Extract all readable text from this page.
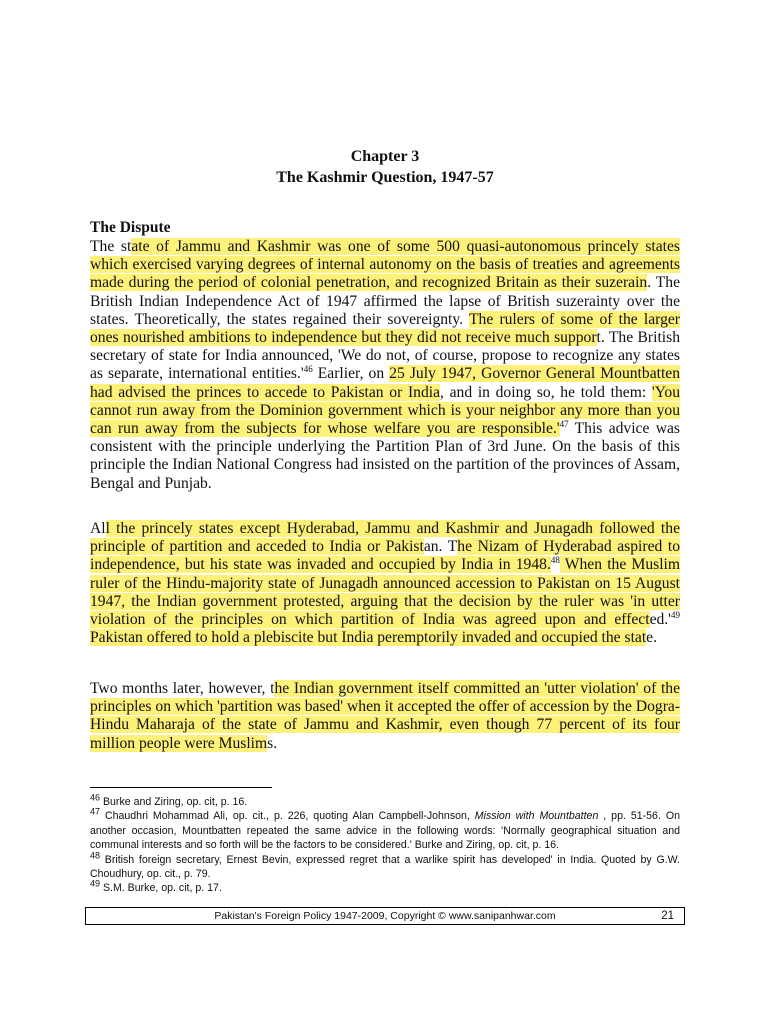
Chapter 3
The Kashmir Question, 1947-57
The Dispute
The state of Jammu and Kashmir was one of some 500 quasi-autonomous princely states which exercised varying degrees of internal autonomy on the basis of treaties and agreements made during the period of colonial penetration, and recognized Britain as their suzerain. The British Indian Independence Act of 1947 affirmed the lapse of British suzerainty over the states. Theoretically, the states regained their sovereignty. The rulers of some of the larger ones nourished ambitions to independence but they did not receive much support. The British secretary of state for India announced, 'We do not, of course, propose to recognize any states as separate, international $entities.'^{46}$ Earlier, on 25 July 1947, Governor General Mountbatten had advised the princes to accede to Pakistan or India, and in doing so, he told them: 'You cannot run away from the Dominion government which is your neighbor any more than you can run away from the subjects for whose welfare you are $responsible.'^{47}$ This advice was consistent with the principle underlying the Partition Plan of 3rd June. On the basis of this principle the Indian National Congress had insisted on the partition of the provinces of Assam, Bengal and Punjab.
All the princely states except Hyderabad, Jammu and Kashmir and Junagadh followed the principle of partition and acceded to India or Pakistan. The Nizam of Hyderabad aspired to independence, but his state was invaded and occupied by India in 1948.48 When the Muslim ruler of the Hindu-majority state of Junagadh announced accession to Pakistan on 15 August 1947, the Indian government protested, arguing that the decision by the ruler was 'in utter violation of the principles on which partition of India was agreed upon and $effected.'^{49}$ Pakistan offered to hold a plebiscite but India peremptorily invaded and occupied the state.
Two months later, however, the Indian government itself committed an 'utter violation' of the principles on which 'partition was based' when it accepted the offer of accession by the Dogra-Hindu Maharaja of the state of Jammu and Kashmir, even though 77 percent of its four million people were Muslims.

$^{46}$ Burke and Ziring, op. cit, p. 16.

$^{47}$ Chaudhri Mohammad Ali, op. cit., p. 226, quoting Alan Campbell-Johnson, Mission with Mountbatten , pp. 51-56. On another occasion, Mountbatten repeated the same advice in the following words: 'Normally geographical situation and communal interests and so forth will be the factors to be considered.' Burke and Ziring, op. cit, p. 16.

$^{48}$ British foreign secretary, Ernest Bevin, expressed regret that a warlike spirit has developed' in India. Quoted by G.W. Choudhury, op. cit., p. 79.

$^{49}$ S.M. Burke, op. cit, p. 17.

Pakistan's Foreign Policy 1947-2009, Copyright © www.sanipanhwar.com	21
